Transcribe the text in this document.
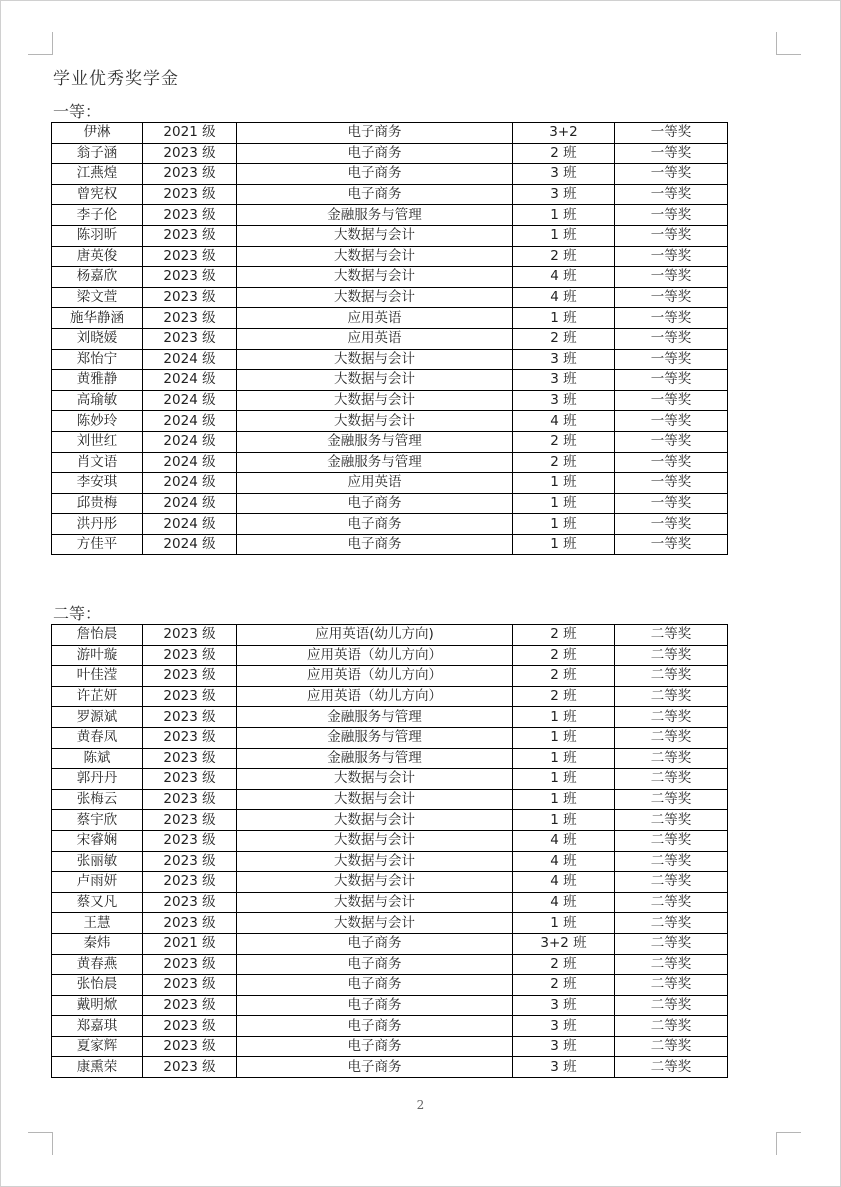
学业优秀奖学金
一等：
伊淋	2021 级	电子商务	3+2	一等奖
翁子涵	2023 级	电子商务	2 班	一等奖
江燕煌	2023 级	电子商务	3 班	一等奖
曾宪权	2023 级	电子商务	3 班	一等奖
李子伦	2023 级	金融服务与管理	1 班	一等奖
陈羽昕	2023 级	大数据与会计	1 班	一等奖
唐英俊	2023 级	大数据与会计	2 班	一等奖
杨嘉欣	2023 级	大数据与会计	4 班	一等奖
梁文萱	2023 级	大数据与会计	4 班	一等奖
施华静涵	2023 级	应用英语	1 班	一等奖
刘晓媛	2023 级	应用英语	2 班	一等奖
郑怡宁	2024 级	大数据与会计	3 班	一等奖
黄雅静	2024 级	大数据与会计	3 班	一等奖
高瑜敏	2024 级	大数据与会计	3 班	一等奖
陈妙玲	2024 级	大数据与会计	4 班	一等奖
刘世红	2024 级	金融服务与管理	2 班	一等奖
肖文语	2024 级	金融服务与管理	2 班	一等奖
李安琪	2024 级	应用英语	1 班	一等奖
邱贵梅	2024 级	电子商务	1 班	一等奖
洪丹彤	2024 级	电子商务	1 班	一等奖
方佳平	2024 级	电子商务	1 班	一等奖
二等：
詹怡晨	2023 级	应用英语(幼儿方向)	2 班	二等奖
游叶璇	2023 级	应用英语（幼儿方向）	2 班	二等奖
叶佳滢	2023 级	应用英语（幼儿方向）	2 班	二等奖
许芷妍	2023 级	应用英语（幼儿方向）	2 班	二等奖
罗源斌	2023 级	金融服务与管理	1 班	二等奖
黄春凤	2023 级	金融服务与管理	1 班	二等奖
陈斌	2023 级	金融服务与管理	1 班	二等奖
郭丹丹	2023 级	大数据与会计	1 班	二等奖
张梅云	2023 级	大数据与会计	1 班	二等奖
蔡宇欣	2023 级	大数据与会计	1 班	二等奖
宋睿娴	2023 级	大数据与会计	4 班	二等奖
张丽敏	2023 级	大数据与会计	4 班	二等奖
卢雨妍	2023 级	大数据与会计	4 班	二等奖
蔡又凡	2023 级	大数据与会计	4 班	二等奖
王慧	2023 级	大数据与会计	1 班	二等奖
秦炜	2021 级	电子商务	3+2 班	二等奖
黄春燕	2023 级	电子商务	2 班	二等奖
张怡晨	2023 级	电子商务	2 班	二等奖
戴明焮	2023 级	电子商务	3 班	二等奖
郑嘉琪	2023 级	电子商务	3 班	二等奖
夏家辉	2023 级	电子商务	3 班	二等奖
康熏荣	2023 级	电子商务	3 班	二等奖
2
